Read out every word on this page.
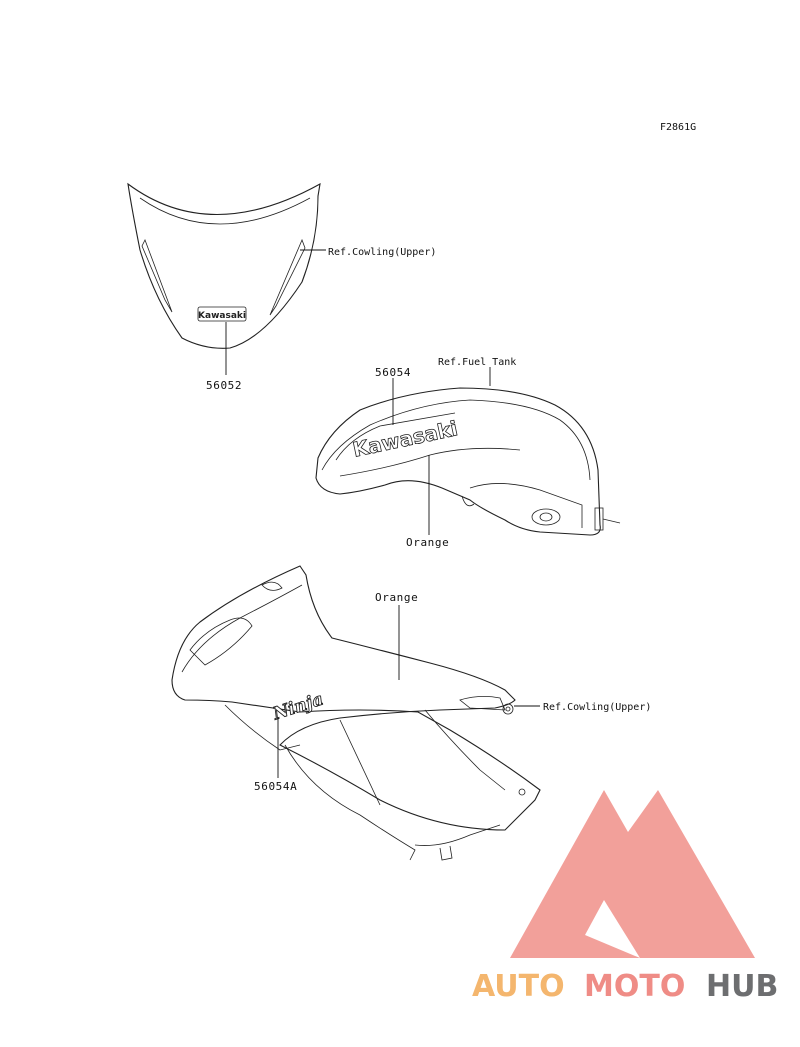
F2861G
Kawasaki
Ref.Cowling(Upper)
56052
Kawasaki
56054
Ref.Fuel Tank
Orange
Ninja
Orange
56054A
Ref.Cowling(Upper)
AUTO MOTO HUB
